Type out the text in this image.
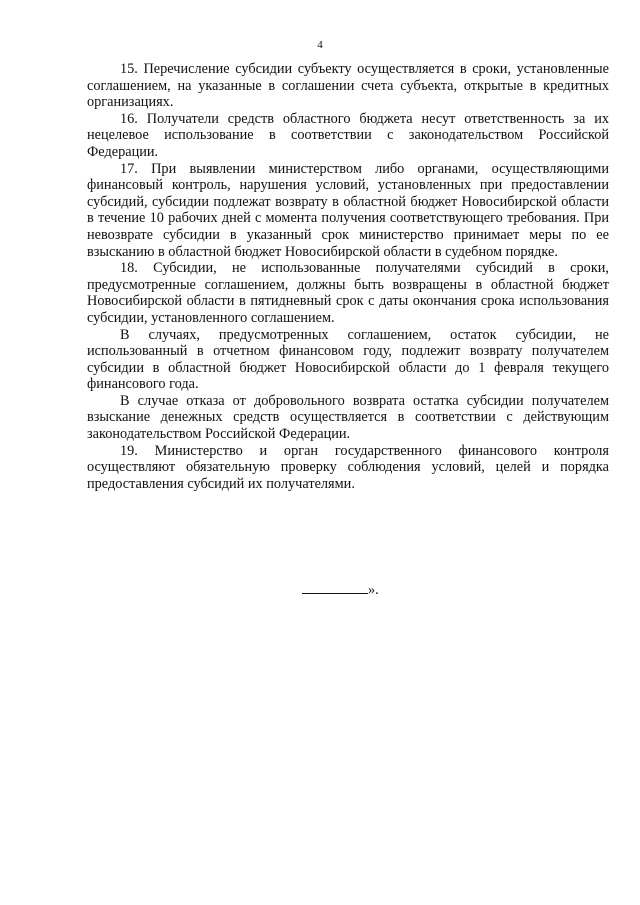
4

15. Перечисление субсидии субъекту осуществляется в сроки, установленные соглашением, на указанные в соглашении счета субъекта, открытые в кредитных организациях.

16. Получатели средств областного бюджета несут ответственность за их нецелевое использование в соответствии с законодательством Российской Федерации.

17. При выявлении министерством либо органами, осуществляющими финансовый контроль, нарушения условий, установленных при предоставлении субсидий, субсидии подлежат возврату в областной бюджет Новосибирской области в течение 10 рабочих дней с момента получения соответствующего требования. При невозврате субсидии в указанный срок министерство принимает меры по ее взысканию в областной бюджет Новосибирской области в судебном порядке.

18. Субсидии, не использованные получателями субсидий в сроки, предусмотренные соглашением, должны быть возвращены в областной бюджет Новосибирской области в пятидневный срок с даты окончания срока использования субсидии, установленного соглашением.

В случаях, предусмотренных соглашением, остаток субсидии, не использованный в отчетном финансовом году, подлежит возврату получателем субсидии в областной бюджет Новосибирской области до 1 февраля текущего финансового года.

В случае отказа от добровольного возврата остатка субсидии получателем взыскание денежных средств осуществляется в соответствии с действующим законодательством Российской Федерации.

19. Министерство и орган государственного финансового контроля осуществляют обязательную проверку соблюдения условий, целей и порядка предоставления субсидий их получателями.

».
